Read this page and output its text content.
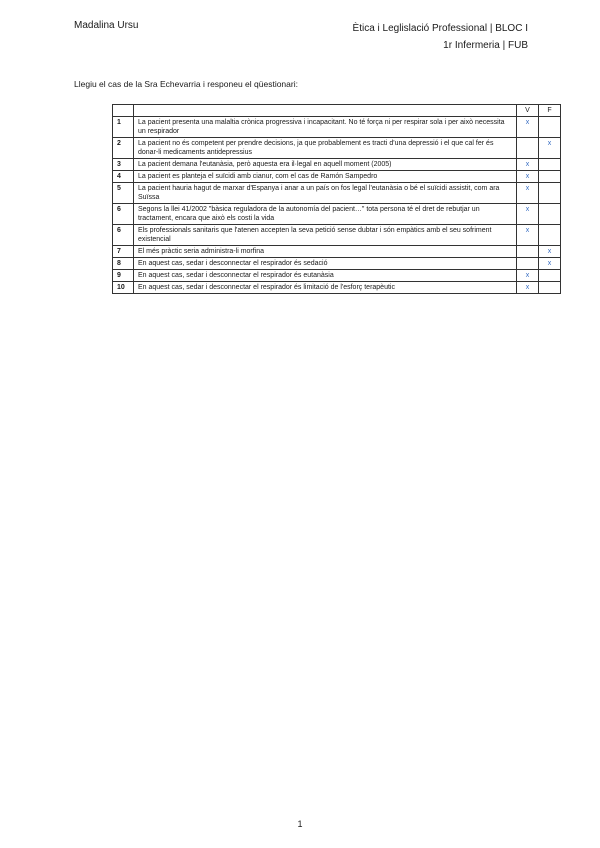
Madalina Ursu	Ètica i Leglislació Professional | BLOC I
1r Infermeria | FUB
Llegiu el cas de la Sra Echevarria i responeu el qüestionari:
		V	F
1	La pacient presenta una malaltia crònica progressiva i incapacitant. No té força ni per respirar sola i per això necessita un respirador	x	
2	La pacient no és competent per prendre decisions, ja que probablement es tracti d'una depressió i el que cal fer és donar-li medicaments antidepressius		x
3	La pacient demana l'eutanàsia, però aquesta era il·legal en aquell moment (2005)	x	
4	La pacient es planteja el suïcidi amb cianur, com el cas de Ramón Sampedro	x	
5	La pacient hauria hagut de marxar d'Espanya i anar a un país on fos legal l'eutanàsia o bé el suïcidi assistit, com ara Suïssa	x	
6	Segons la llei 41/2002 "bàsica reguladora de la autonomía del pacient…" tota persona té el dret de rebutjar un tractament, encara que això els costi la vida	x	
6	Els professionals sanitaris que l'atenen accepten la seva petició sense dubtar i són empàtics amb el seu sofriment existencial	x	
7	El més pràctic seria administra-li morfina		x
8	En aquest cas, sedar i desconnectar el respirador és sedació		x
9	En aquest cas, sedar i desconnectar el respirador és eutanàsia	x	
10	En aquest cas, sedar i desconnectar el respirador és limitació de l'esforç terapèutic	x	
1
